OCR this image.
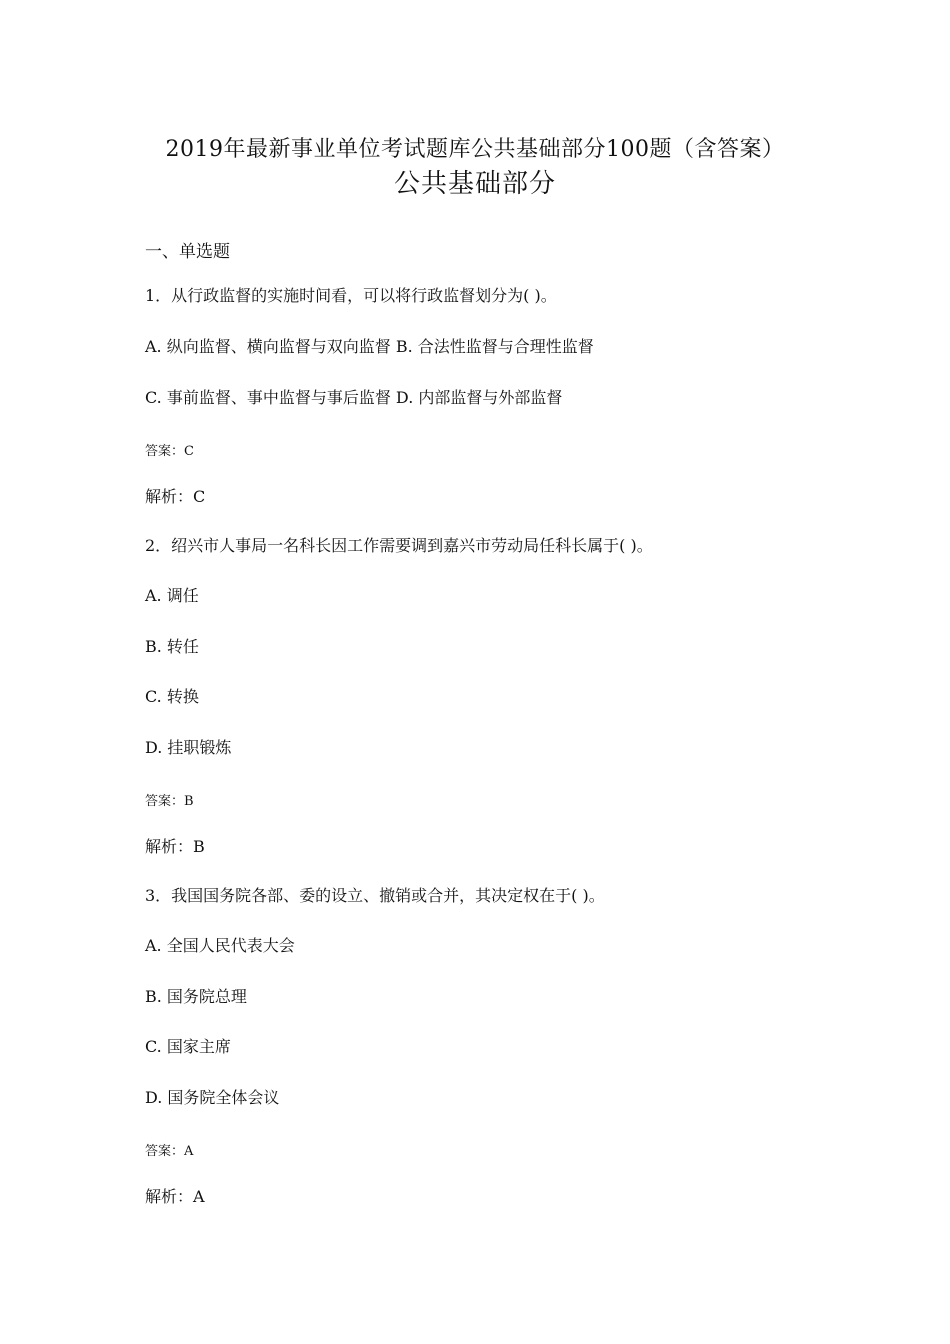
2019年最新事业单位考试题库公共基础部分100题（含答案）
公共基础部分
一、单选题
1．从行政监督的实施时间看，可以将行政监督划分为( )。
A. 纵向监督、横向监督与双向监督 B. 合法性监督与合理性监督
C. 事前监督、事中监督与事后监督 D. 内部监督与外部监督
答案：C
解析：C
2．绍兴市人事局一名科长因工作需要调到嘉兴市劳动局任科长属于( )。
A. 调任
B. 转任
C. 转换
D. 挂职锻炼
答案：B
解析：B
3．我国国务院各部、委的设立、撤销或合并，其决定权在于( )。
A. 全国人民代表大会
B. 国务院总理
C. 国家主席
D. 国务院全体会议
答案：A
解析：A
